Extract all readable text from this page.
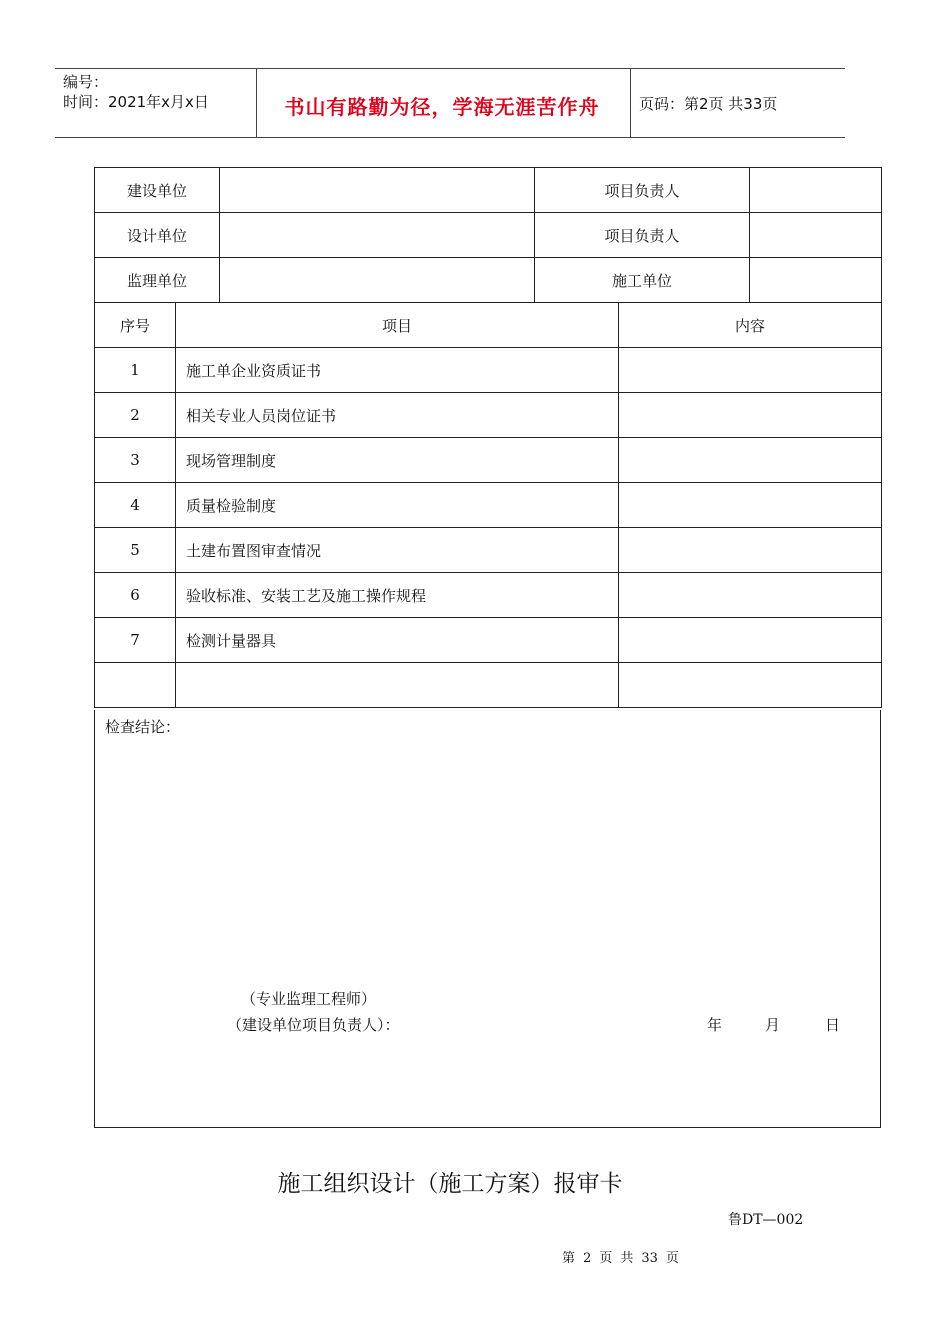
编号：
时间：2021年x月x日	书山有路勤为径，学海无涯苦作舟	页码：第2页 共33页
建设单位		项目负责人	
设计单位		项目负责人	
监理单位		施工单位	
序号	项目	内容
1	施工单企业资质证书	
2	相关专业人员岗位证书	
3	现场管理制度	
4	质量检验制度	
5	土建布置图审查情况	
6	验收标准、安装工艺及施工操作规程	
7	检测计量器具	

检查结论：
（专业监理工程师）
（建设单位项目负责人）：	年	月	日
施工组织设计（施工方案）报审卡
鲁DT—002
第 2 页 共 33 页
